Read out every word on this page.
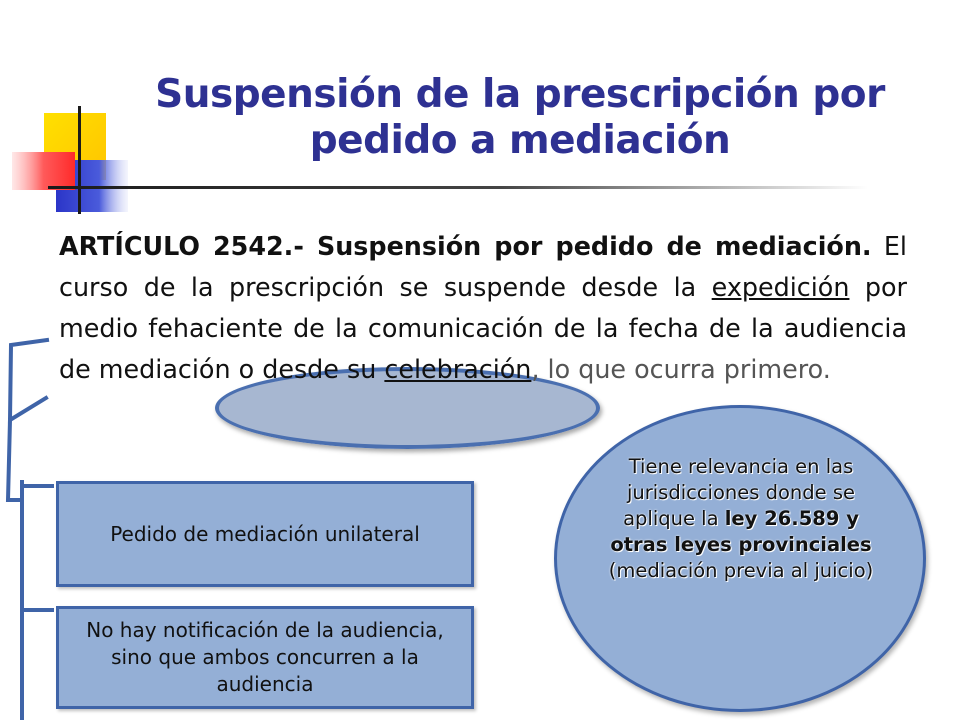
Suspensión de la prescripción por
pedido a mediación

ARTÍCULO 2542.- Suspensión por pedido de mediación. El curso de la prescripción se suspende desde la expedición por medio fehaciente de la comunicación de la fecha de la audiencia de mediación o desde su celebración, lo que ocurra primero.

Pedido de mediación unilateral
No hay notificación de la audiencia, sino que ambos concurren a la audiencia

Tiene relevancia en las jurisdicciones donde se aplique la ley 26.589 y otras leyes provinciales (mediación previa al juicio)
